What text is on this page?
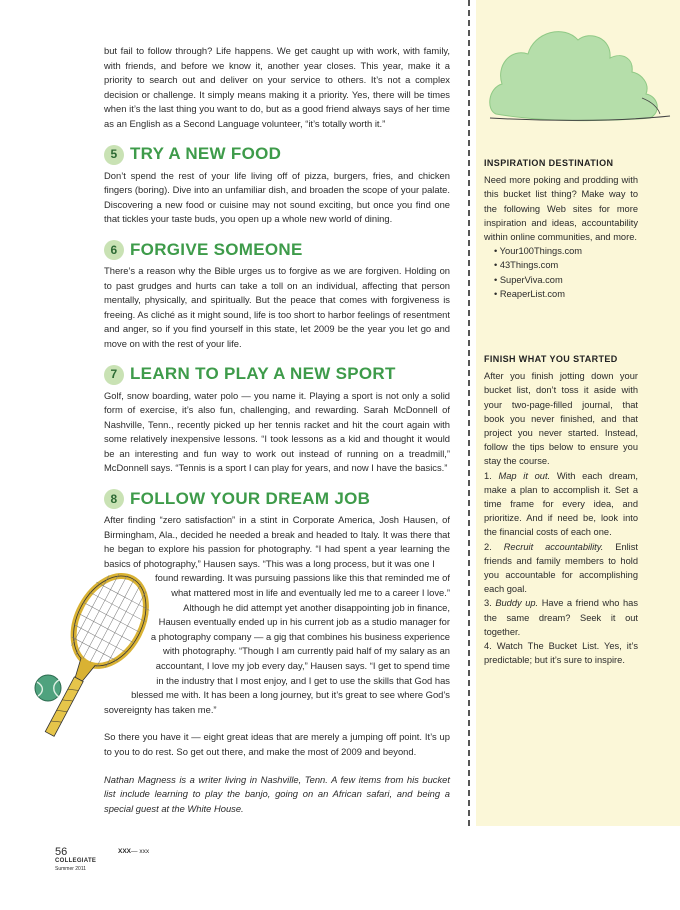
but fail to follow through? Life happens. We get caught up with work, with family, with friends, and before we know it, another year closes. This year, make it a priority to search out and deliver on your service to others. It’s not a complex decision or challenge. It simply means making it a priority. Yes, there will be times when it’s the last thing you want to do, but as a good friend always says of her time as an English as a Second Language volunteer, “it’s totally worth it.”

5 TRY A NEW FOOD

Don’t spend the rest of your life living off of pizza, burgers, fries, and chicken fingers (boring). Dive into an unfamiliar dish, and broaden the scope of your palate. Discovering a new food or cuisine may not sound exciting, but once you find one that tickles your taste buds, you open up a whole new world of dining.

6 FORGIVE SOMEONE

There’s a reason why the Bible urges us to forgive as we are forgiven. Holding on to past grudges and hurts can take a toll on an individual, affecting that person mentally, physically, and spiritually. But the peace that comes with forgiveness is freeing. As cliché as it might sound, life is too short to harbor feelings of resentment and anger, so if you find yourself in this state, let 2009 be the year you let go and move on with the rest of your life.

7 LEARN TO PLAY A NEW SPORT

Golf, snow boarding, water polo — you name it. Playing a sport is not only a solid form of exercise, it’s also fun, challenging, and rewarding. Sarah McDonnell of Nashville, Tenn., recently picked up her tennis racket and hit the court again with some relatively inexpensive lessons. “I took lessons as a kid and thought it would be an interesting and fun way to work out instead of running on a treadmill,” McDonnell says. “Tennis is a sport I can play for years, and now I have the basics.”

8 FOLLOW YOUR DREAM JOB

After finding “zero satisfaction” in a stint in Corporate America, Josh Hausen, of Birmingham, Ala., decided he needed a break and headed to Italy. It was there that he began to explore his passion for photography. “I had spent a year learning the basics of photography,” Hausen says. “This was a long process, but it was one I

found rewarding. It was pursuing passions like this that reminded me of
what mattered most in life and eventually led me to a career I love.”
Although he did attempt yet another disappointing job in finance,
Hausen eventually ended up in his current job as a studio manager for
a photography company — a gig that combines his business experience
with photography. “Though I am currently paid half of my salary as an
accountant, I love my job every day,” Hausen says. “I get to spend time
in the industry that I most enjoy, and I get to use the skills that God has
blessed me with. It has been a long journey, but it’s great to see where God’s
sovereignty has taken me.”

So there you have it — eight great ideas that are merely a jumping off point. It’s up to you to do rest. So get out there, and make the most of 2009 and beyond.

Nathan Magness is a writer living in Nashville, Tenn. A few items from his bucket list include learning to play the banjo, going on an African safari, and being a special guest at the White House.

INSPIRATION DESTINATION

Need more poking and prodding with this bucket list thing? Make way to the following Web sites for more inspiration and ideas, accountability within online communities, and more.

• Your100Things.com
• 43Things.com
• SuperViva.com
• ReaperList.com
FINISH WHAT YOU STARTED

After you finish jotting down your bucket list, don’t toss it aside with your two-page-filled journal, that book you never finished, and that project you never started. Instead, follow the tips below to ensure you stay the course.

1. Map it out. With each dream, make a plan to accomplish it. Set a time frame for every idea, and prioritize. And if need be, look into the financial costs of each one.

2. Recruit accountability. Enlist friends and family members to hold you accountable for accomplishing each goal.

3. Buddy up. Have a friend who has the same dream? Seek it out together.

4. Watch The Bucket List. Yes, it’s predictable; but it’s sure to inspire.

56
COLLEGIATE
Summer 2011
XXX— xxx
